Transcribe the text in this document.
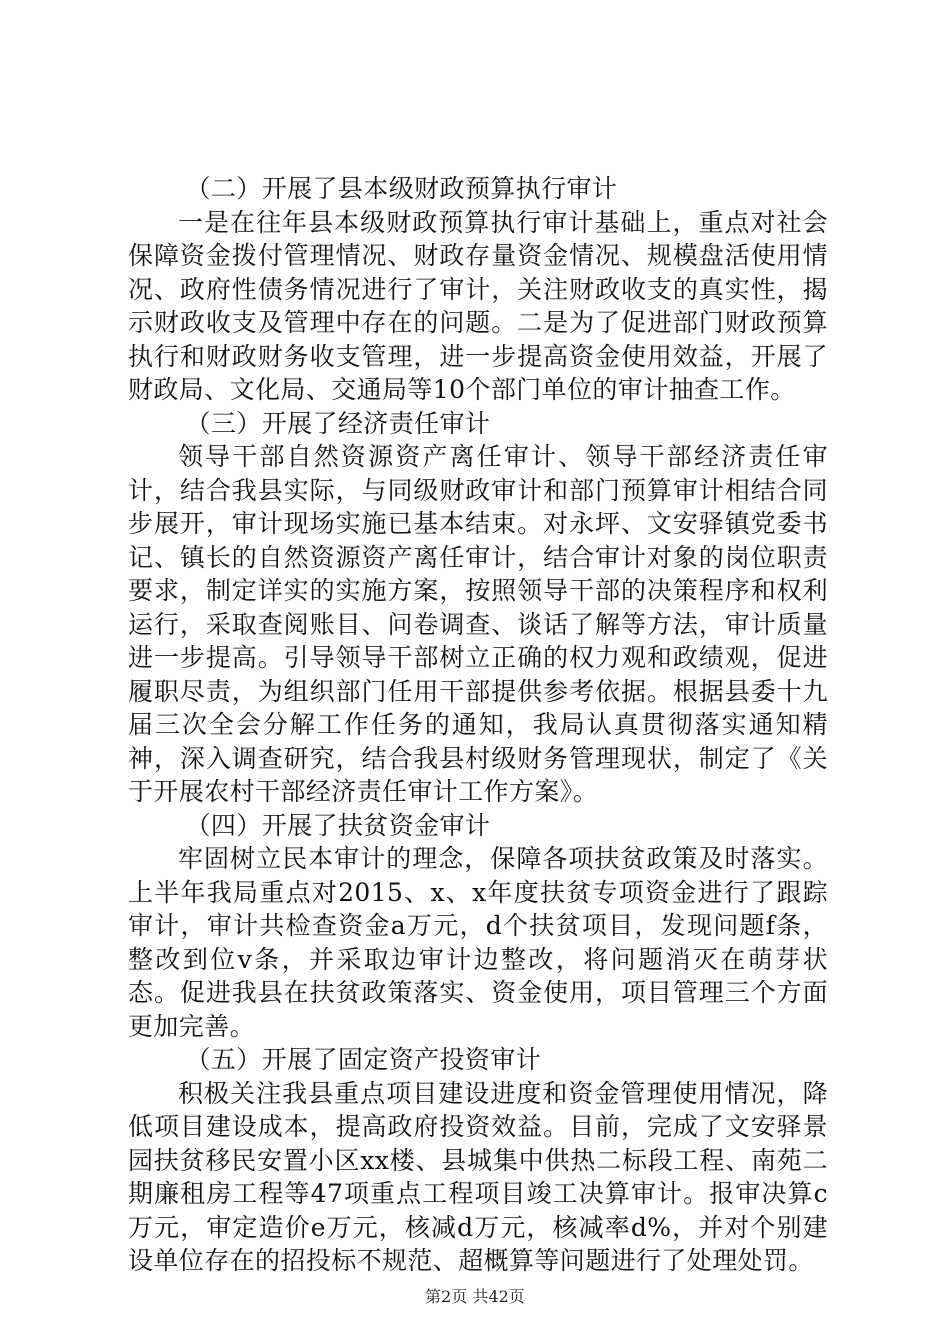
（二）开展了县本级财政预算执行审计

一是在往年县本级财政预算执行审计基础上，重点对社会保障资金拨付管理情况、财政存量资金情况、规模盘活使用情况、政府性债务情况进行了审计，关注财政收支的真实性，揭示财政收支及管理中存在的问题。二是为了促进部门财政预算执行和财政财务收支管理，进一步提高资金使用效益，开展了财政局、文化局、交通局等10个部门单位的审计抽查工作。

（三）开展了经济责任审计

领导干部自然资源资产离任审计、领导干部经济责任审计，结合我县实际，与同级财政审计和部门预算审计相结合同步展开，审计现场实施已基本结束。对永坪、文安驿镇党委书记、镇长的自然资源资产离任审计，结合审计对象的岗位职责要求，制定详实的实施方案，按照领导干部的决策程序和权利运行，采取查阅账目、问卷调查、谈话了解等方法，审计质量进一步提高。引导领导干部树立正确的权力观和政绩观，促进履职尽责，为组织部门任用干部提供参考依据。根据县委十九届三次全会分解工作任务的通知，我局认真贯彻落实通知精神，深入调查研究，结合我县村级财务管理现状，制定了《关于开展农村干部经济责任审计工作方案》。

（四）开展了扶贫资金审计

牢固树立民本审计的理念，保障各项扶贫政策及时落实。上半年我局重点对2015、x、x年度扶贫专项资金进行了跟踪审计，审计共检查资金a万元，d个扶贫项目，发现问题f条，整改到位v条，并采取边审计边整改，将问题消灭在萌芽状态。促进我县在扶贫政策落实、资金使用，项目管理三个方面更加完善。

（五）开展了固定资产投资审计

积极关注我县重点项目建设进度和资金管理使用情况，降低项目建设成本，提高政府投资效益。目前，完成了文安驿景园扶贫移民安置小区xx楼、县城集中供热二标段工程、南苑二期廉租房工程等47项重点工程项目竣工决算审计。报审决算c万元，审定造价e万元，核减d万元，核减率d%，并对个别建设单位存在的招投标不规范、超概算等问题进行了处理处罚。

第2页 共42页
